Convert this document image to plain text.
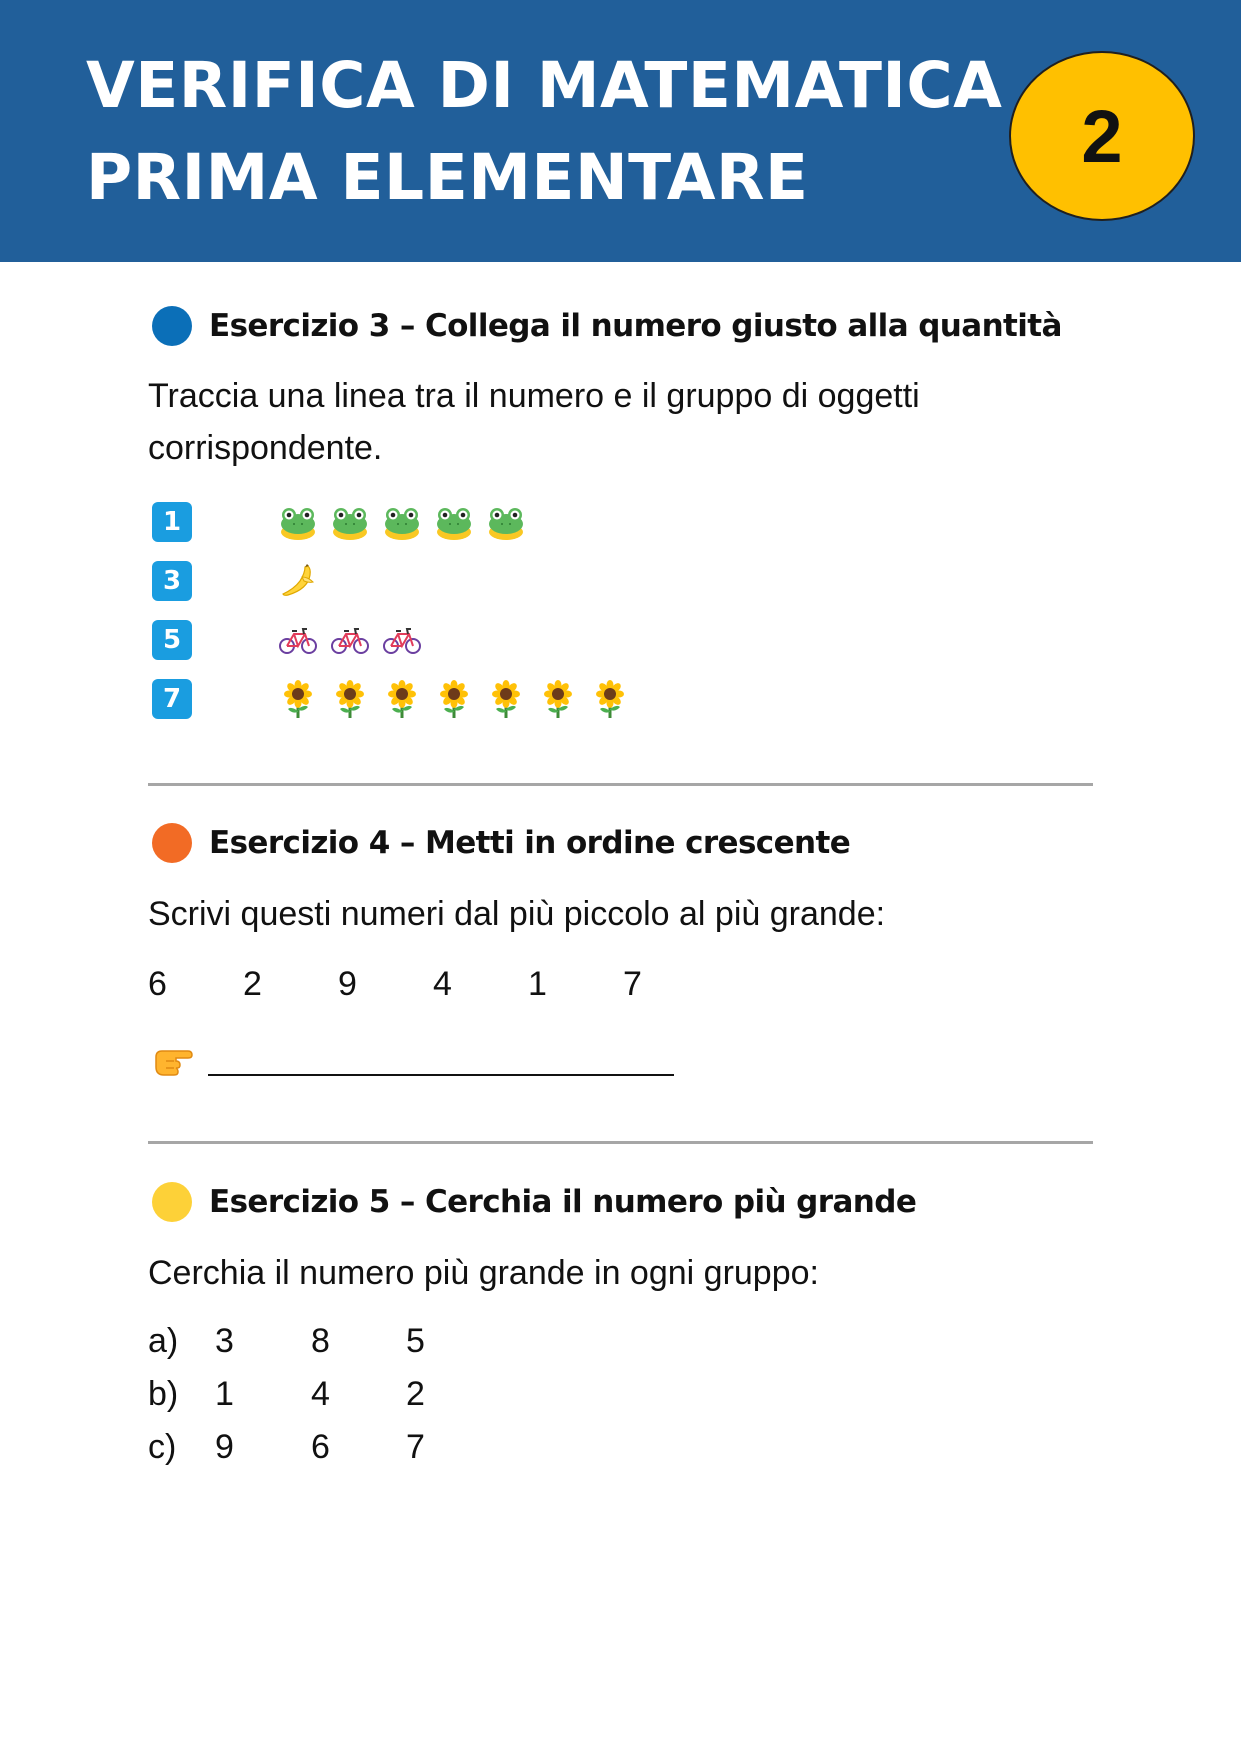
VERIFICA DI MATEMATICA
PRIMA ELEMENTARE	2
Esercizio 3 – Collega il numero giusto alla quantità
Traccia una linea tra il numero e il gruppo di oggetti corrispondente.
1
3
5
7
Esercizio 4 – Metti in ordine crescente
Scrivi questi numeri dal più piccolo al più grande:
6 2 9 4 1 7
Esercizio 5 – Cerchia il numero più grande
Cerchia il numero più grande in ogni gruppo:
a) 3 8 5
b) 1 4 2
c) 9 6 7
